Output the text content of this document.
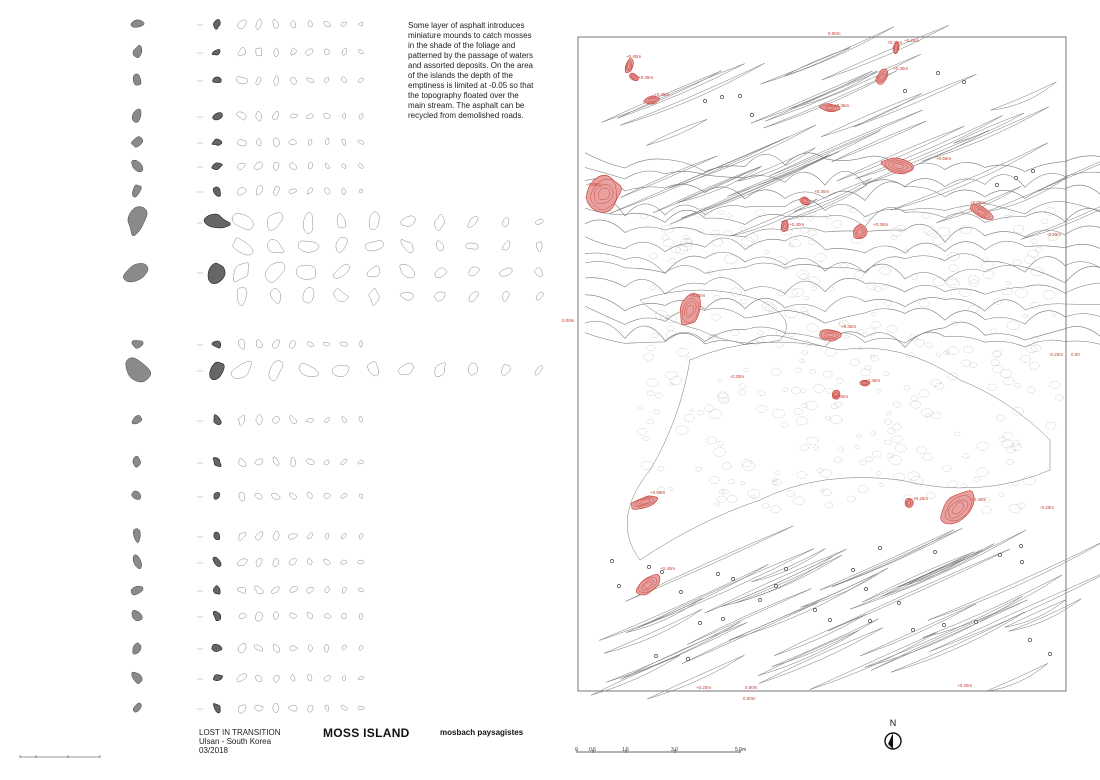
+0.40m
+0.35m
+0.45m
+0.35m +0.25m
+0.30m
+0.55m
+0.65m
+0.30m
+0.80m
+0.40m	+0.30m
+0.40m
+0.90m
+0.35m
+0.40m
+0.25m	+0.40m
+0.60m
+0.40m
+0.45m
0.00m
0.00m
-0.20m
-0.20m
-0.20m
0.00
-0.20m
+0.20m	0.00m	+0.20m
0.00m
Some layer of asphalt introduces miniature mounds to catch mosses in the shade of the foliage and patterned by the passage of waters and assorted deposits. On the area of the islands the depth of the emptiness is limited at -0.05 so that the topography floated over the main stream. The asphalt can be recycled from demolished roads.
LOST IN TRANSITION
Ulsan - South Korea
03/2018
MOSS ISLAND	mosbach paysagistes
N
0 0.5	1.5	3.0	5.0m
